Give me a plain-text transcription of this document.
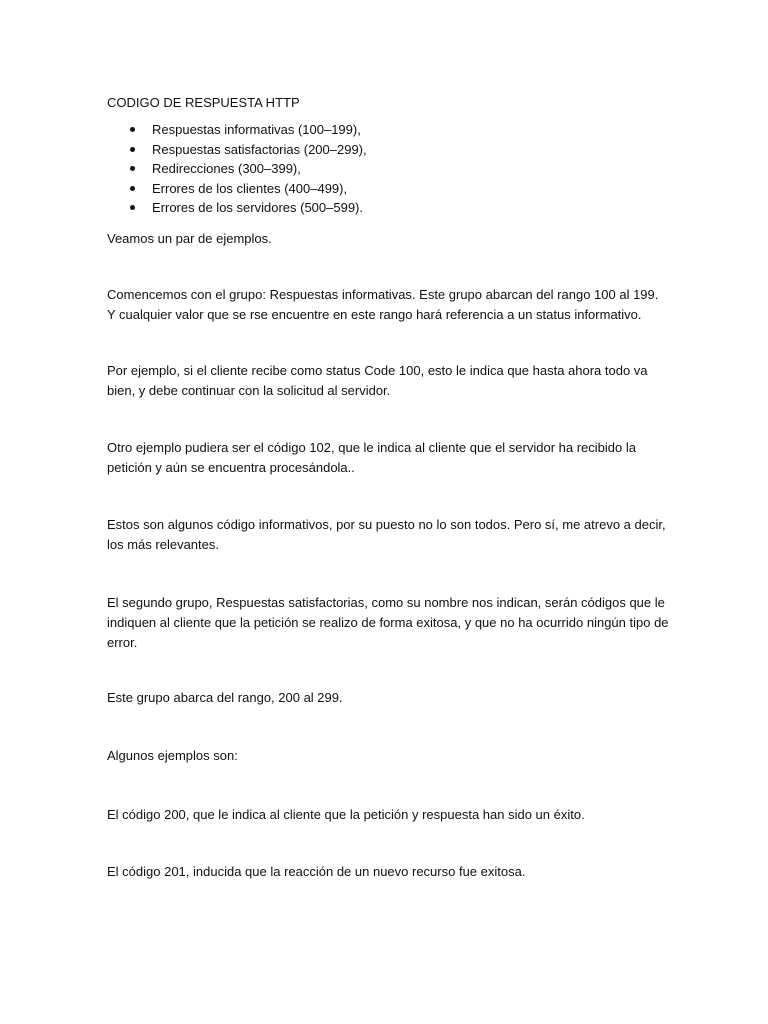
CODIGO DE RESPUESTA HTTP
Respuestas informativas (100–199),
Respuestas satisfactorias (200–299),
Redirecciones (300–399),
Errores de los clientes (400–499),
Errores de los servidores (500–599).

Veamos un par de ejemplos.

Comencemos con el grupo: Respuestas informativas. Este grupo abarcan del rango 100 al 199. Y cualquier valor que se rse encuentre en este rango hará referencia a un status informativo.

Por ejemplo, si el cliente recibe como status Code 100, esto le indica que hasta ahora todo va bien, y debe continuar con la solicitud al servidor.

Otro ejemplo pudiera ser el código 102, que le indica al cliente que el servidor ha recibido la petición y aún se encuentra procesándola..

Estos son algunos código informativos, por su puesto no lo son todos. Pero sí, me atrevo a decir, los más relevantes.

El segundo grupo, Respuestas satisfactorias, como su nombre nos indican, serán códigos que le indiquen al cliente que la petición se realizo de forma exitosa, y que no ha ocurrido ningún tipo de error.

Este grupo abarca del rango, 200 al 299.

Algunos ejemplos son:

El código 200, que le indica al cliente que la petición y respuesta han sido un éxito.

El código 201, inducida que la reacción de un nuevo recurso fue exitosa.
